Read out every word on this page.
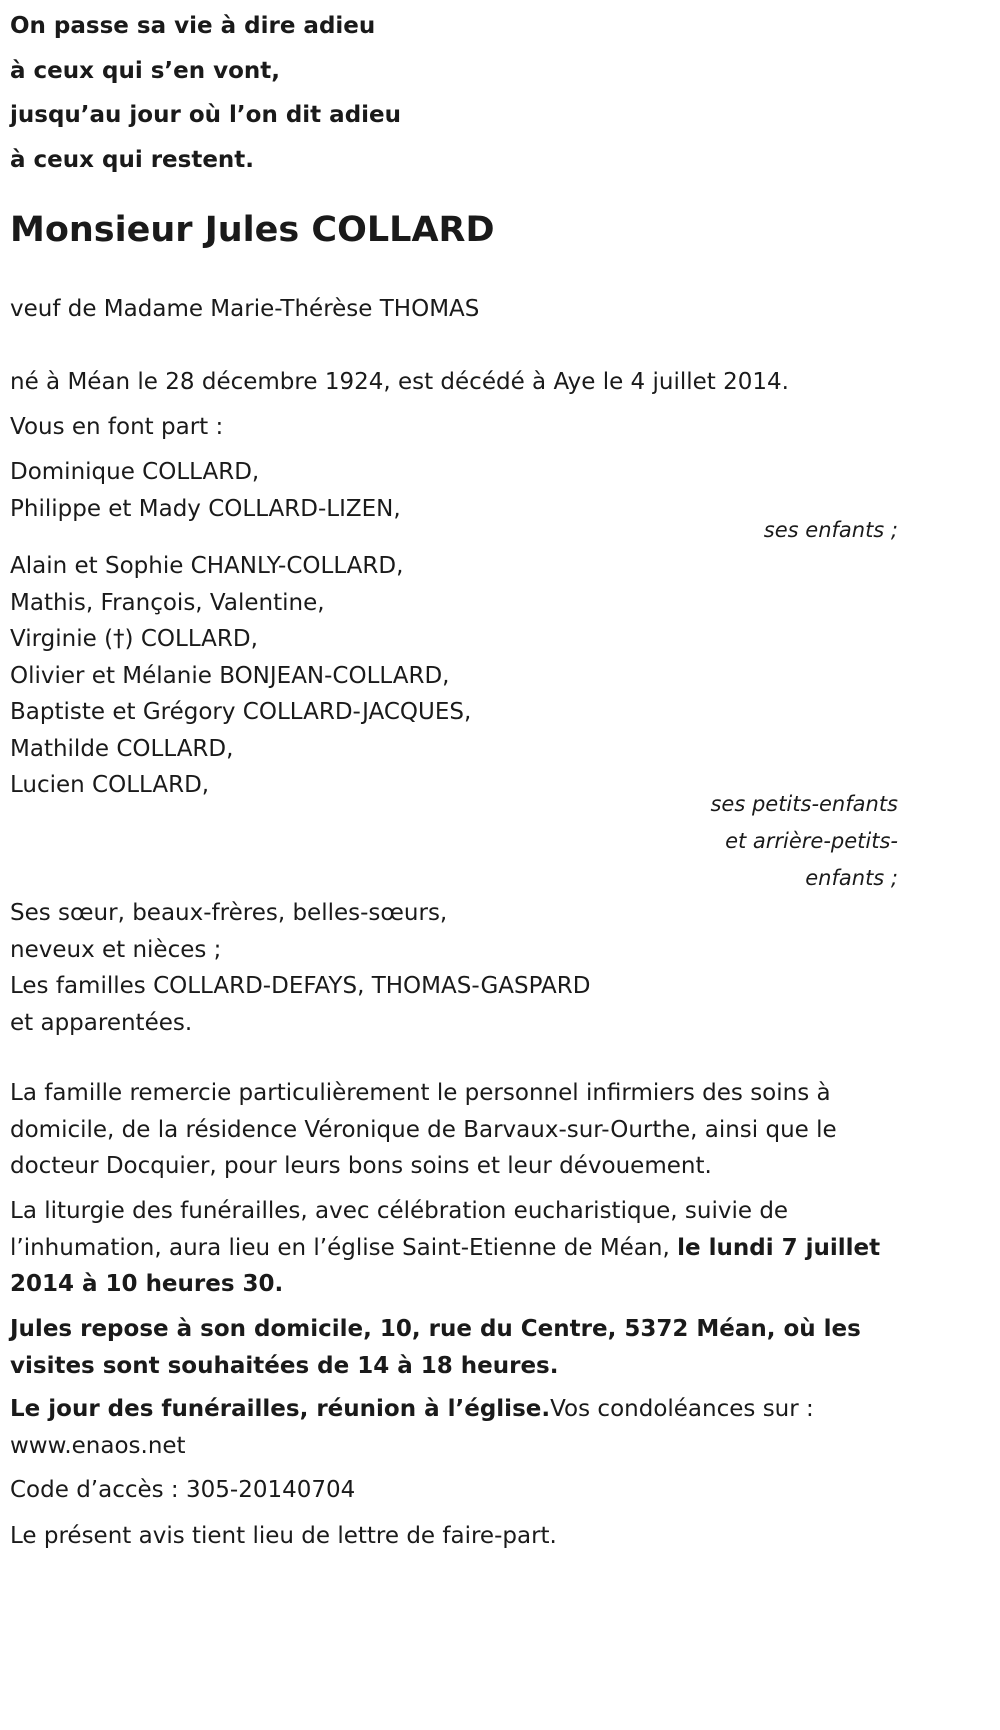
On passe sa vie à dire adieu
à ceux qui s’en vont,
jusqu’au jour où l’on dit adieu
à ceux qui restent.
Monsieur Jules COLLARD
veuf de Madame Marie-Thérèse THOMAS
né à Méan le 28 décembre 1924, est décédé à Aye le 4 juillet 2014.
Vous en font part :
Dominique COLLARD,
Philippe et Mady COLLARD-LIZEN,
ses enfants ;
Alain et Sophie CHANLY-COLLARD,
Mathis, François, Valentine,
Virginie (†) COLLARD,
Olivier et Mélanie BONJEAN-COLLARD,
Baptiste et Grégory COLLARD-JACQUES,
Mathilde COLLARD,
Lucien COLLARD,
ses petits-enfants
et arrière-petits-
enfants ;
Ses sœur, beaux-frères, belles-sœurs,
neveux et nièces ;
Les familles COLLARD-DEFAYS, THOMAS-GASPARD
et apparentées.
La famille remercie particulièrement le personnel infirmiers des soins à domicile, de la résidence Véronique de Barvaux-sur-Ourthe, ainsi que le docteur Docquier, pour leurs bons soins et leur dévouement.
La liturgie des funérailles, avec célébration eucharistique, suivie de l’inhumation, aura lieu en l’église Saint-Etienne de Méan, le lundi 7 juillet 2014 à 10 heures 30.
Jules repose à son domicile, 10, rue du Centre, 5372 Méan, où les visites sont souhaitées de 14 à 18 heures.
Le jour des funérailles, réunion à l’église.Vos condoléances sur : www.enaos.net
Code d’accès : 305-20140704
Le présent avis tient lieu de lettre de faire-part.
